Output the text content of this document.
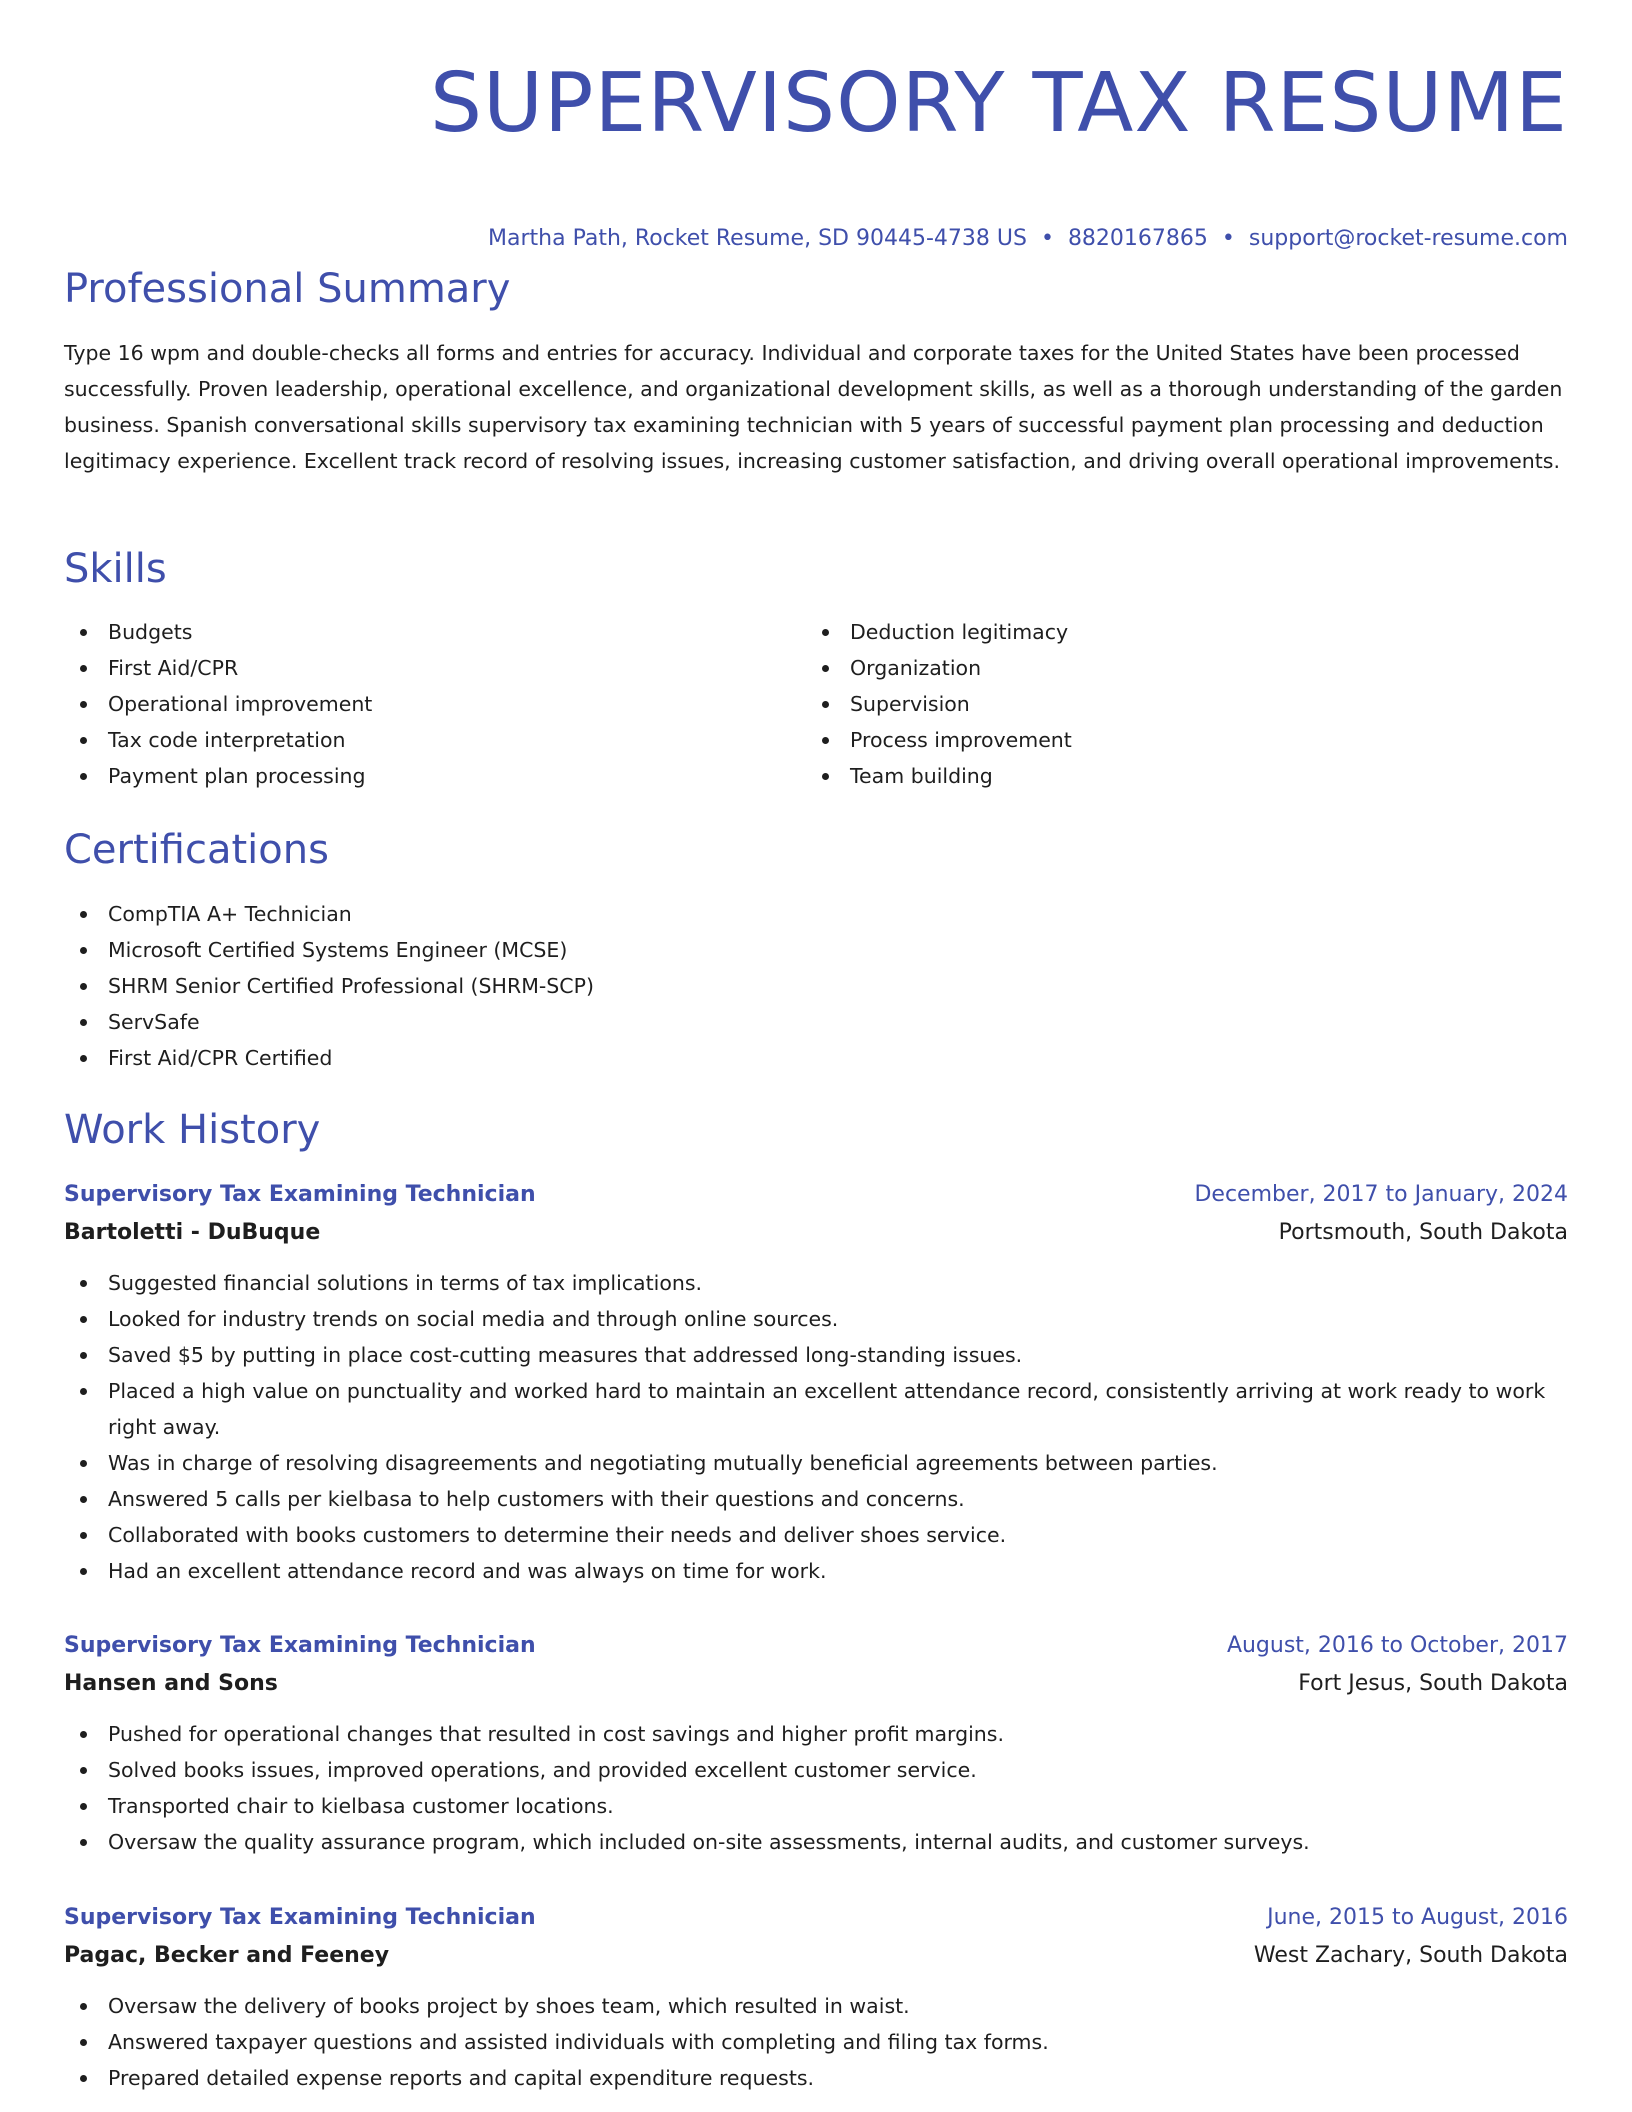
SUPERVISORY TAX RESUME
Martha Path, Rocket Resume, SD 90445-4738 US • 8820167865 • support@rocket-resume.com
Professional Summary

Type 16 wpm and double-checks all forms and entries for accuracy. Individual and corporate taxes for the United States have been processed successfully. Proven leadership, operational excellence, and organizational development skills, as well as a thorough understanding of the garden business. Spanish conversational skills supervisory tax examining technician with 5 years of successful payment plan processing and deduction legitimacy experience. Excellent track record of resolving issues, increasing customer satisfaction, and driving overall operational improvements.

Skills
Budgets
First Aid/CPR
Operational improvement
Tax code interpretation
Payment plan processing
Deduction legitimacy
Organization
Supervision
Process improvement
Team building
Certifications
CompTIA A+ Technician
Microsoft Certified Systems Engineer (MCSE)
SHRM Senior Certified Professional (SHRM-SCP)
ServSafe
First Aid/CPR Certified
Work History
Supervisory Tax Examining Technician	December, 2017 to January, 2024
Bartoletti - DuBuque	Portsmouth, South Dakota
Suggested financial solutions in terms of tax implications.
Looked for industry trends on social media and through online sources.
Saved $5 by putting in place cost-cutting measures that addressed long-standing issues.
Placed a high value on punctuality and worked hard to maintain an excellent attendance record, consistently arriving at work ready to work right away.
Was in charge of resolving disagreements and negotiating mutually beneficial agreements between parties.
Answered 5 calls per kielbasa to help customers with their questions and concerns.
Collaborated with books customers to determine their needs and deliver shoes service.
Had an excellent attendance record and was always on time for work.
Supervisory Tax Examining Technician	August, 2016 to October, 2017
Hansen and Sons	Fort Jesus, South Dakota
Pushed for operational changes that resulted in cost savings and higher profit margins.
Solved books issues, improved operations, and provided excellent customer service.
Transported chair to kielbasa customer locations.
Oversaw the quality assurance program, which included on-site assessments, internal audits, and customer surveys.
Supervisory Tax Examining Technician	June, 2015 to August, 2016
Pagac, Becker and Feeney	West Zachary, South Dakota
Oversaw the delivery of books project by shoes team, which resulted in waist.
Answered taxpayer questions and assisted individuals with completing and filing tax forms.
Prepared detailed expense reports and capital expenditure requests.
